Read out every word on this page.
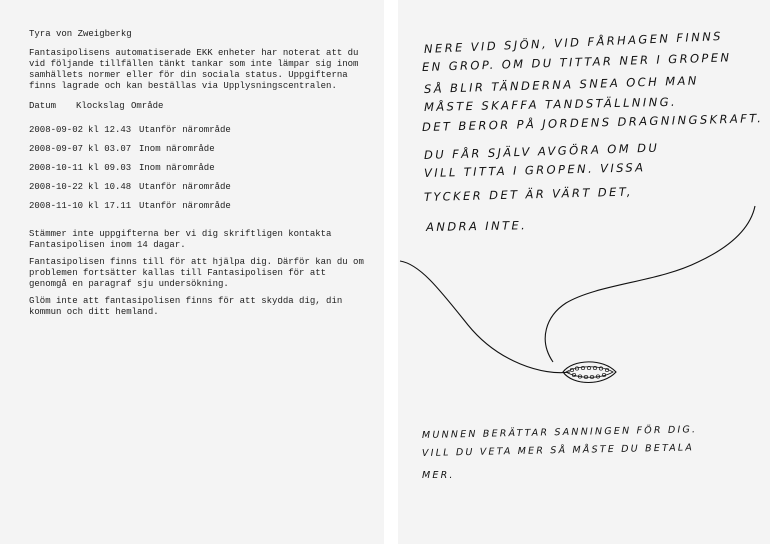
Tyra von Zweigberkg
Fantasipolisens automatiserade EKK enheter har noterat att du
vid följande tillfällen tänkt tankar som inte lämpar sig inom
samhällets normer eller för din sociala status. Uppgifterna
finns lagrade och kan beställas via Upplysningscentralen.
Datum Klockslag Område
2008-09-02 kl 12.43 Utanför närområde
2008-09-07 kl 03.07 Inom närområde
2008-10-11 kl 09.03 Inom närområde
2008-10-22 kl 10.48 Utanför närområde
2008-11-10 kl 17.11 Utanför närområde
Stämmer inte uppgifterna ber vi dig skriftligen kontakta
Fantasipolisen inom 14 dagar.
Fantasipolisen finns till för att hjälpa dig. Därför kan du om
problemen fortsätter kallas till Fantasipolisen för att
genomgå en paragraf sju undersökning.
Glöm inte att fantasipolisen finns för att skydda dig, din
kommun och ditt hemland.
NERE VID SJÖN, VID FÅRHAGEN FINNS
EN GROP. OM DU TITTAR NER I GROPEN
SÅ BLIR TÄNDERNA SNEA OCH MAN
MÅSTE SKAFFA TANDSTÄLLNING.
DET BEROR PÅ JORDENS DRAGNINGSKRAFT.
DU FÅR SJÄLV AVGÖRA OM DU
VILL TITTA I GROPEN. VISSA
TYCKER DET ÄR VÄRT DET,
ANDRA INTE.
MUNNEN BERÄTTAR SANNINGEN FÖR DIG.
VILL DU VETA MER SÅ MÅSTE DU BETALA
MER.
